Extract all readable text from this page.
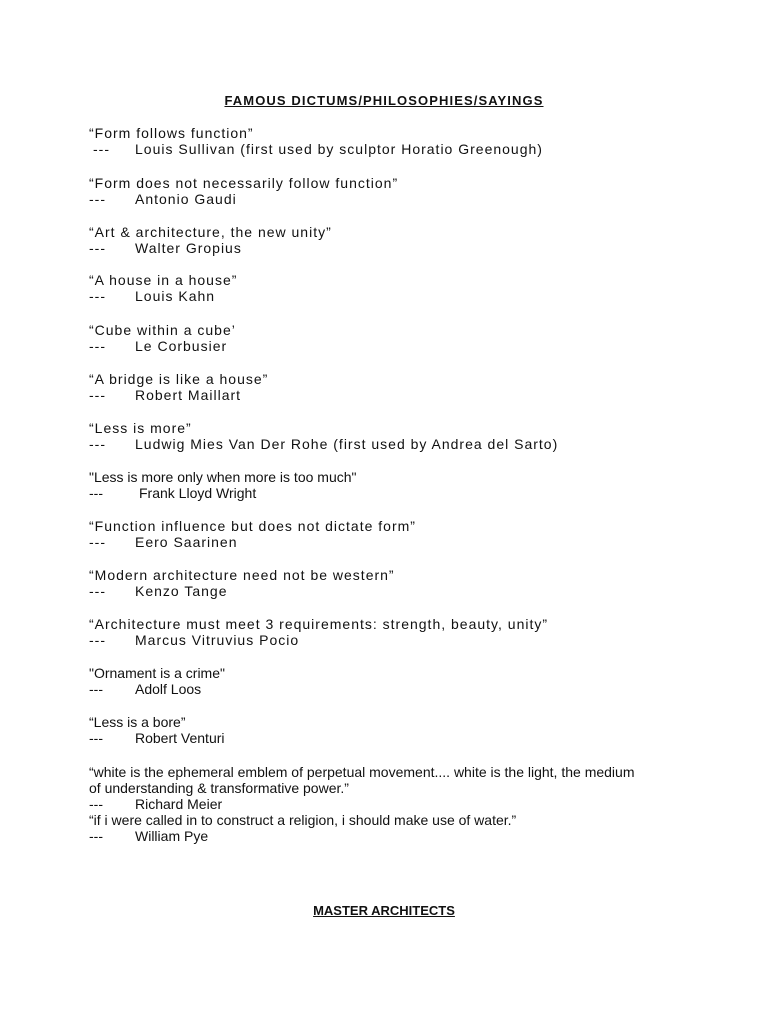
FAMOUS DICTUMS/PHILOSOPHIES/SAYINGS
“Form follows function”
--- Louis Sullivan (first used by sculptor Horatio Greenough)
“Form does not necessarily follow function”
--- Antonio Gaudi
“Art & architecture, the new unity”
--- Walter Gropius
“A house in a house”
--- Louis Kahn
“Cube within a cube’
--- Le Corbusier
“A bridge is like a house”
--- Robert Maillart
“Less is more”
--- Ludwig Mies Van Der Rohe (first used by Andrea del Sarto)
"Less is more only when more is too much"
---	Frank Lloyd Wright
“Function influence but does not dictate form”
--- Eero Saarinen
“Modern architecture need not be western”
--- Kenzo Tange
“Architecture must meet 3 requirements: strength, beauty, unity”
--- Marcus Vitruvius Pocio
"Ornament is a crime"
--- Adolf Loos
“Less is a bore”
--- Robert Venturi
“white is the ephemeral emblem of perpetual movement.... white is the light, the medium of understanding & transformative power.”
--- Richard Meier
“if i were called in to construct a religion, i should make use of water.”
--- William Pye
MASTER ARCHITECTS
